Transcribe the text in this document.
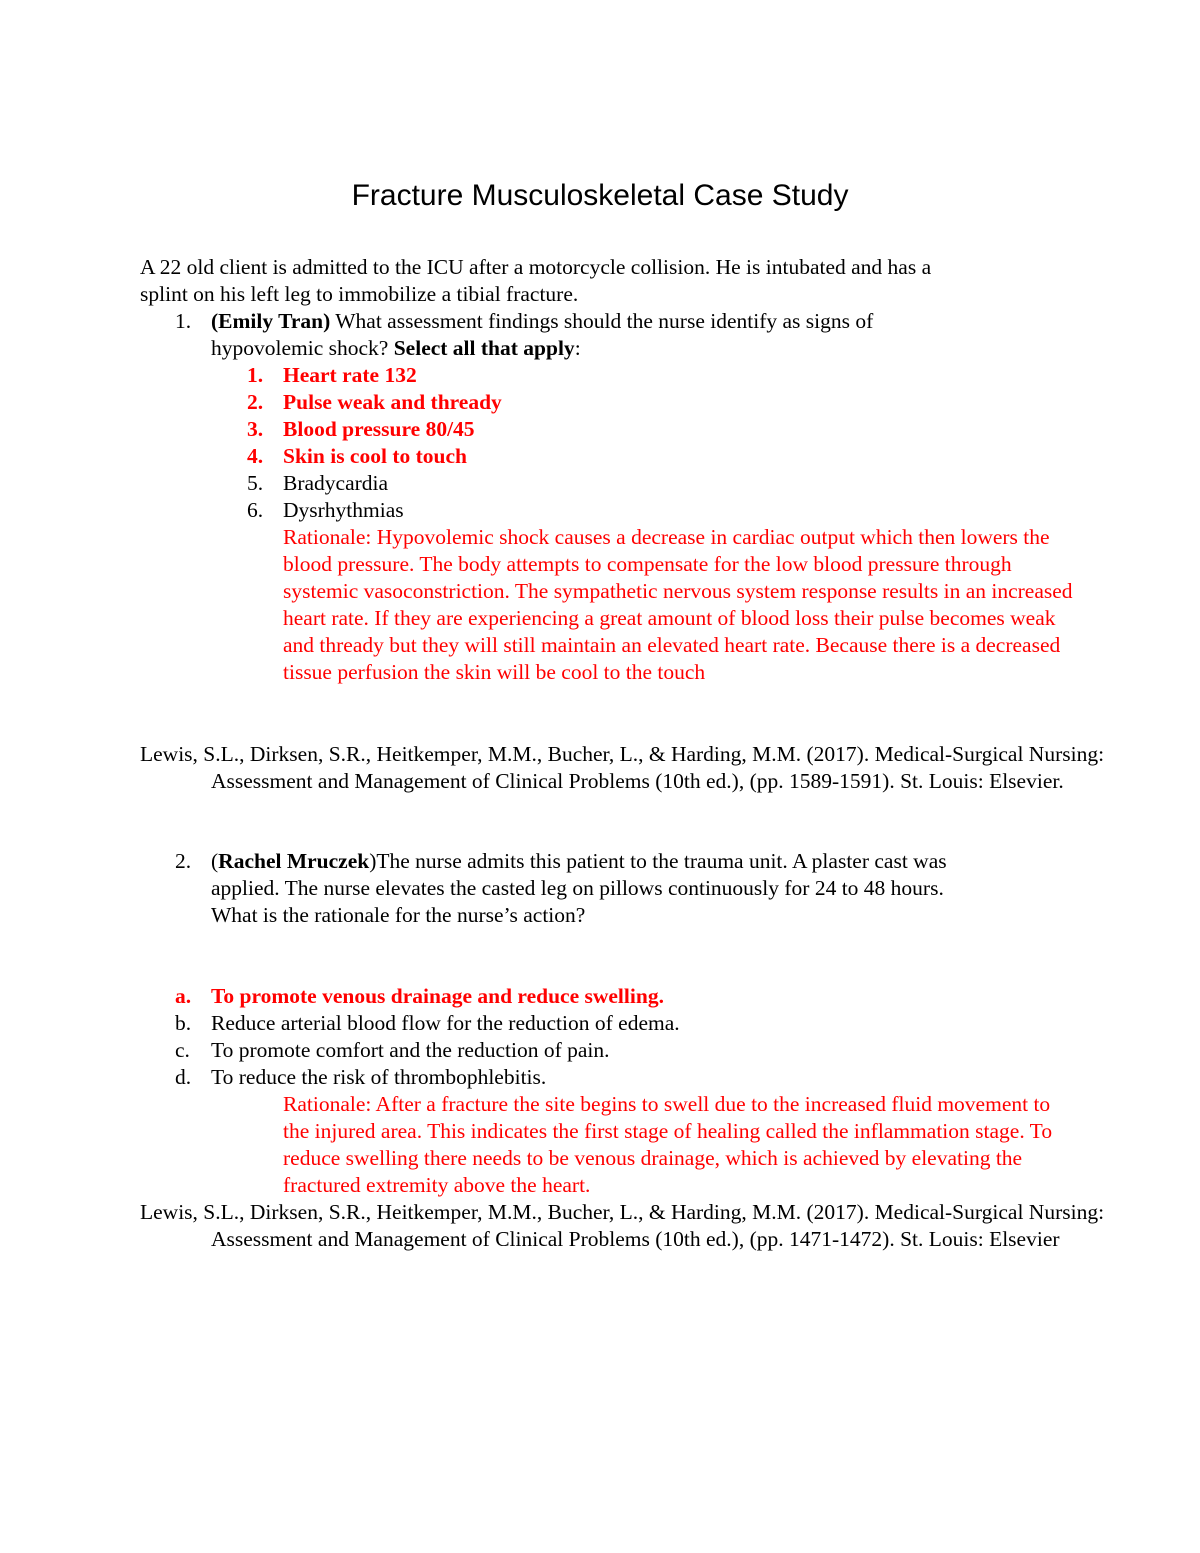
Fracture Musculoskeletal Case Study
A 22 old client is admitted to the ICU after a motorcycle collision. He is intubated and has a
splint on his left leg to immobilize a tibial fracture.
1. (Emily Tran) What assessment findings should the nurse identify as signs of
hypovolemic shock? Select all that apply:
1. Heart rate 132
2. Pulse weak and thready
3. Blood pressure 80/45
4. Skin is cool to touch
5. Bradycardia
6. Dysrhythmias

Rationale: Hypovolemic shock causes a decrease in cardiac output which then lowers the blood pressure. The body attempts to compensate for the low blood pressure through systemic vasoconstriction. The sympathetic nervous system response results in an increased heart rate. If they are experiencing a great amount of blood loss their pulse becomes weak and thready but they will still maintain an elevated heart rate. Because there is a decreased tissue perfusion the skin will be cool to the touch

Lewis, S.L., Dirksen, S.R., Heitkemper, M.M., Bucher, L., & Harding, M.M. (2017). Medical-Surgical Nursing: Assessment and Management of Clinical Problems (10th ed.), (pp. 1589-1591). St. Louis: Elsevier.

2. (Rachel Mruczek)The nurse admits this patient to the trauma unit. A plaster cast was
applied. The nurse elevates the casted leg on pillows continuously for 24 to 48 hours.
What is the rationale for the nurse’s action?
a. To promote venous drainage and reduce swelling.
b. Reduce arterial blood flow for the reduction of edema.
c. To promote comfort and the reduction of pain.
d. To reduce the risk of thrombophlebitis.

Rationale: After a fracture the site begins to swell due to the increased fluid movement to the injured area. This indicates the first stage of healing called the inflammation stage. To reduce swelling there needs to be venous drainage, which is achieved by elevating the fractured extremity above the heart.

Lewis, S.L., Dirksen, S.R., Heitkemper, M.M., Bucher, L., & Harding, M.M. (2017). Medical-Surgical Nursing: Assessment and Management of Clinical Problems (10th ed.), (pp. 1471-1472). St. Louis: Elsevier
